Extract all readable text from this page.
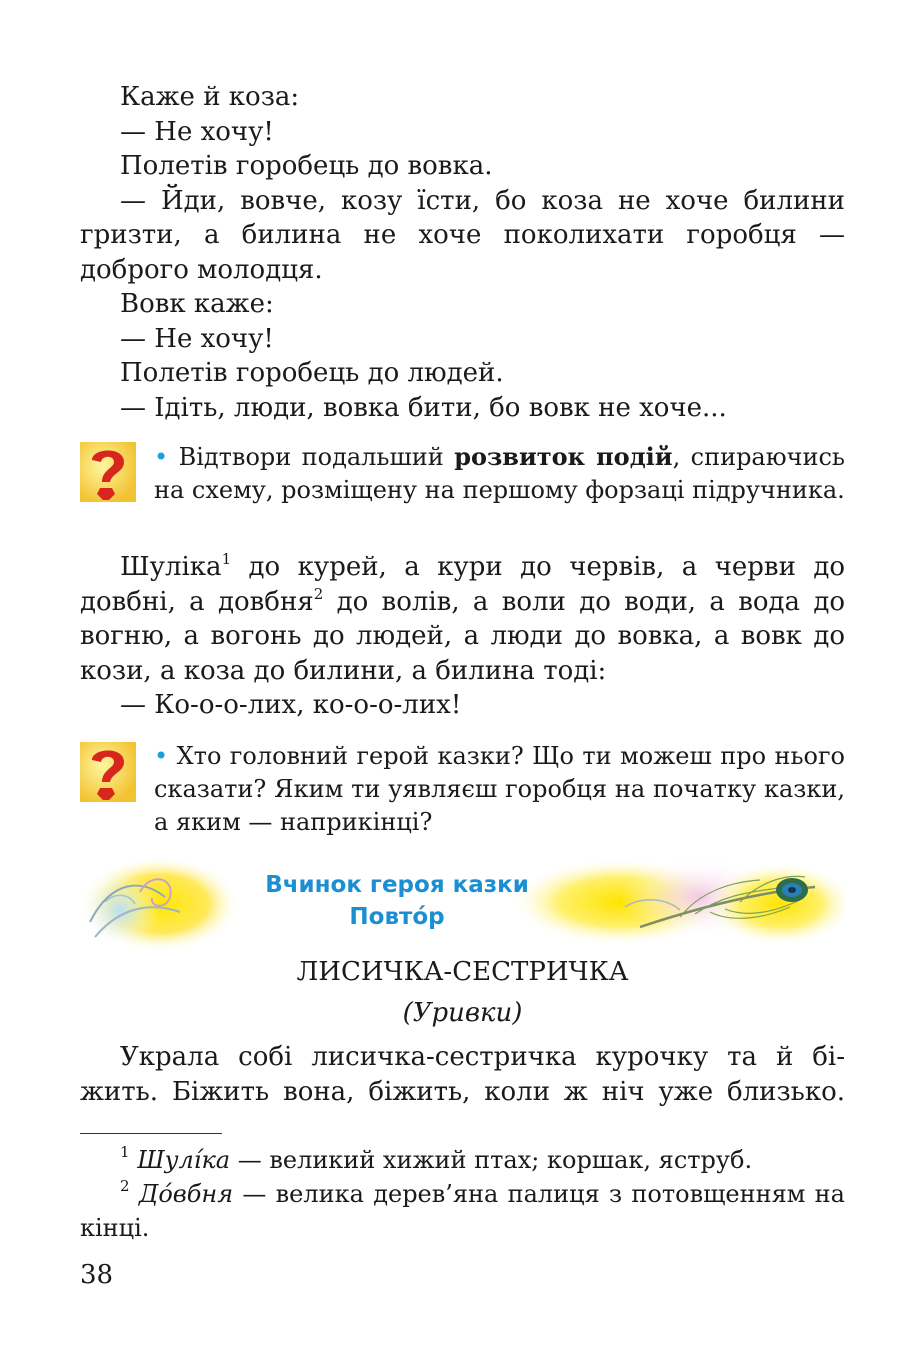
Каже й коза:

— Не хочу!

Полетів горобець до вовка.

— Йди, вовче, козу їсти, бо коза не хоче билини гризти, а билина не хоче поколихати горобця — доброго молодця.

Вовк каже:

— Не хочу!

Полетів горобець до людей.

— Ідіть, люди, вовка бити, бо вовк не хоче...

• Відтвори подальший розвиток подій, спираючись на схему, розміщену на першому форзаці підручника.

Шуліка$^1$ до курей, а кури до червів, а черви до довбні, а довбня$^2$ до волів, а воли до води, а вода до вогню, а вогонь до людей, а люди до вовка, а вовк до кози, а коза до билини, а билина тоді:

— Ко-о-о-лих, ко-о-о-лих!

• Хто головний герой казки? Що ти можеш про нього сказати? Яким ти уявляєш горобця на початку казки, а яким — наприкінці?

Вчинок героя казки
Повтóр

ЛИСИЧКА-СЕСТРИЧКА

(Уривки)

Украла собі лисичка-сестричка курочку та й бі-

жить. Біжить вона, біжить, коли ж ніч уже близько.

$^1$ Шулíка — великий хижий птах; коршак, яструб.

$^2$ Дóвбня — велика дерев’яна палиця з потовщенням на кінці.

38
